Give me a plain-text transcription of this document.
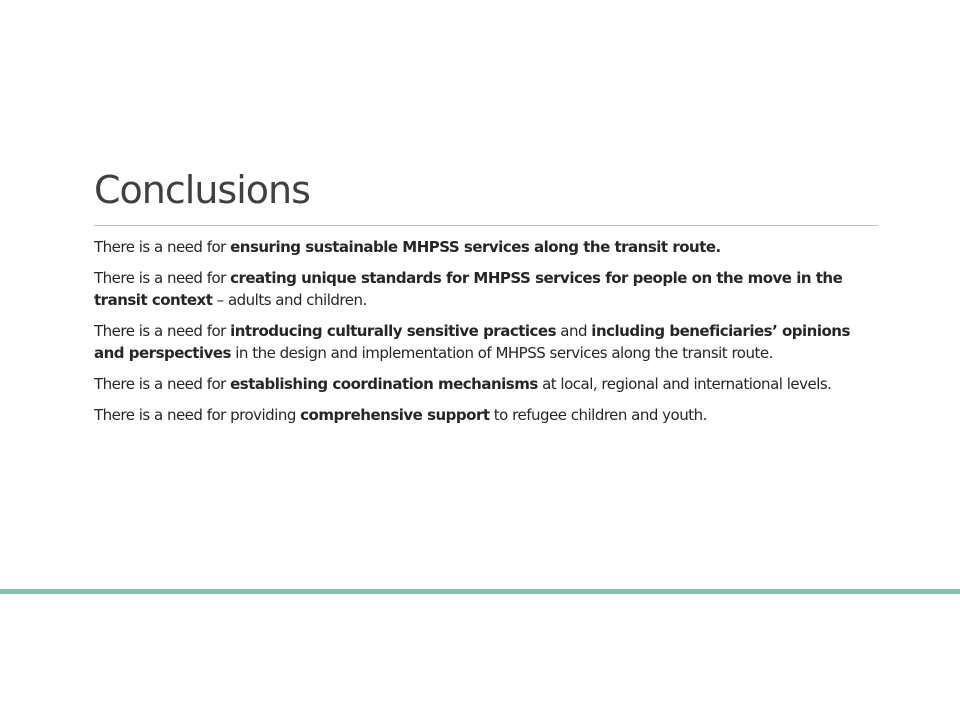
Conclusions

There is a need for ensuring sustainable MHPSS services along the transit route.

There is a need for creating unique standards for MHPSS services for people on the move in the transit context – adults and children.

There is a need for introducing culturally sensitive practices and including beneficiaries’ opinions and perspectives in the design and implementation of MHPSS services along the transit route.

There is a need for establishing coordination mechanisms at local, regional and international levels.

There is a need for providing comprehensive support to refugee children and youth.
